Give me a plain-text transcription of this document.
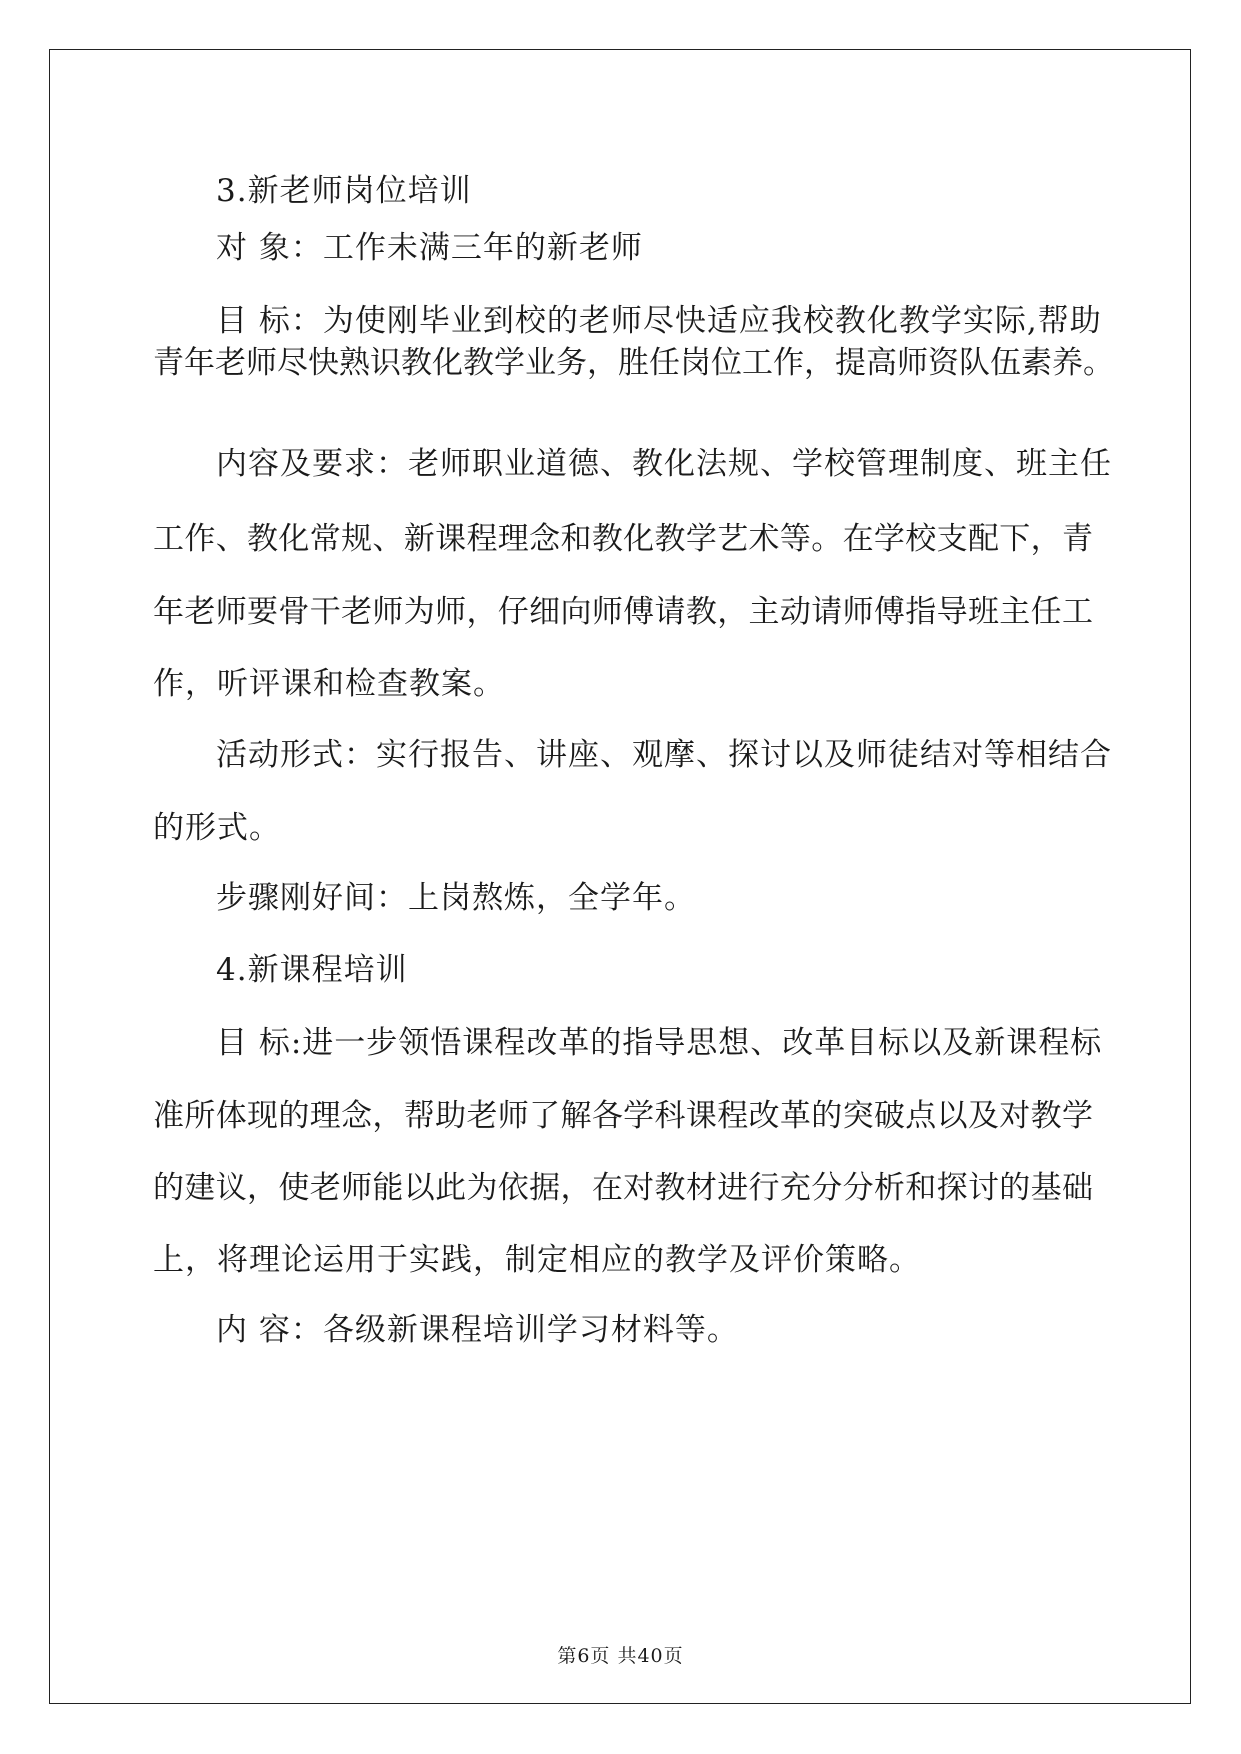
3.新老师岗位培训
对 象：工作未满三年的新老师
目 标：为使刚毕业到校的老师尽快适应我校教化教学实际,帮助
青年老师尽快熟识教化教学业务，胜任岗位工作，提高师资队伍素养。
内容及要求：老师职业道德、教化法规、学校管理制度、班主任
工作、教化常规、新课程理念和教化教学艺术等。在学校支配下，青
年老师要骨干老师为师，仔细向师傅请教，主动请师傅指导班主任工
作，听评课和检查教案。
活动形式：实行报告、讲座、观摩、探讨以及师徒结对等相结合
的形式。
步骤刚好间：上岗熬炼，全学年。
4.新课程培训
目 标:进一步领悟课程改革的指导思想、改革目标以及新课程标
准所体现的理念，帮助老师了解各学科课程改革的突破点以及对教学
的建议，使老师能以此为依据，在对教材进行充分分析和探讨的基础
上，将理论运用于实践，制定相应的教学及评价策略。
内 容：各级新课程培训学习材料等。
第6页 共40页
